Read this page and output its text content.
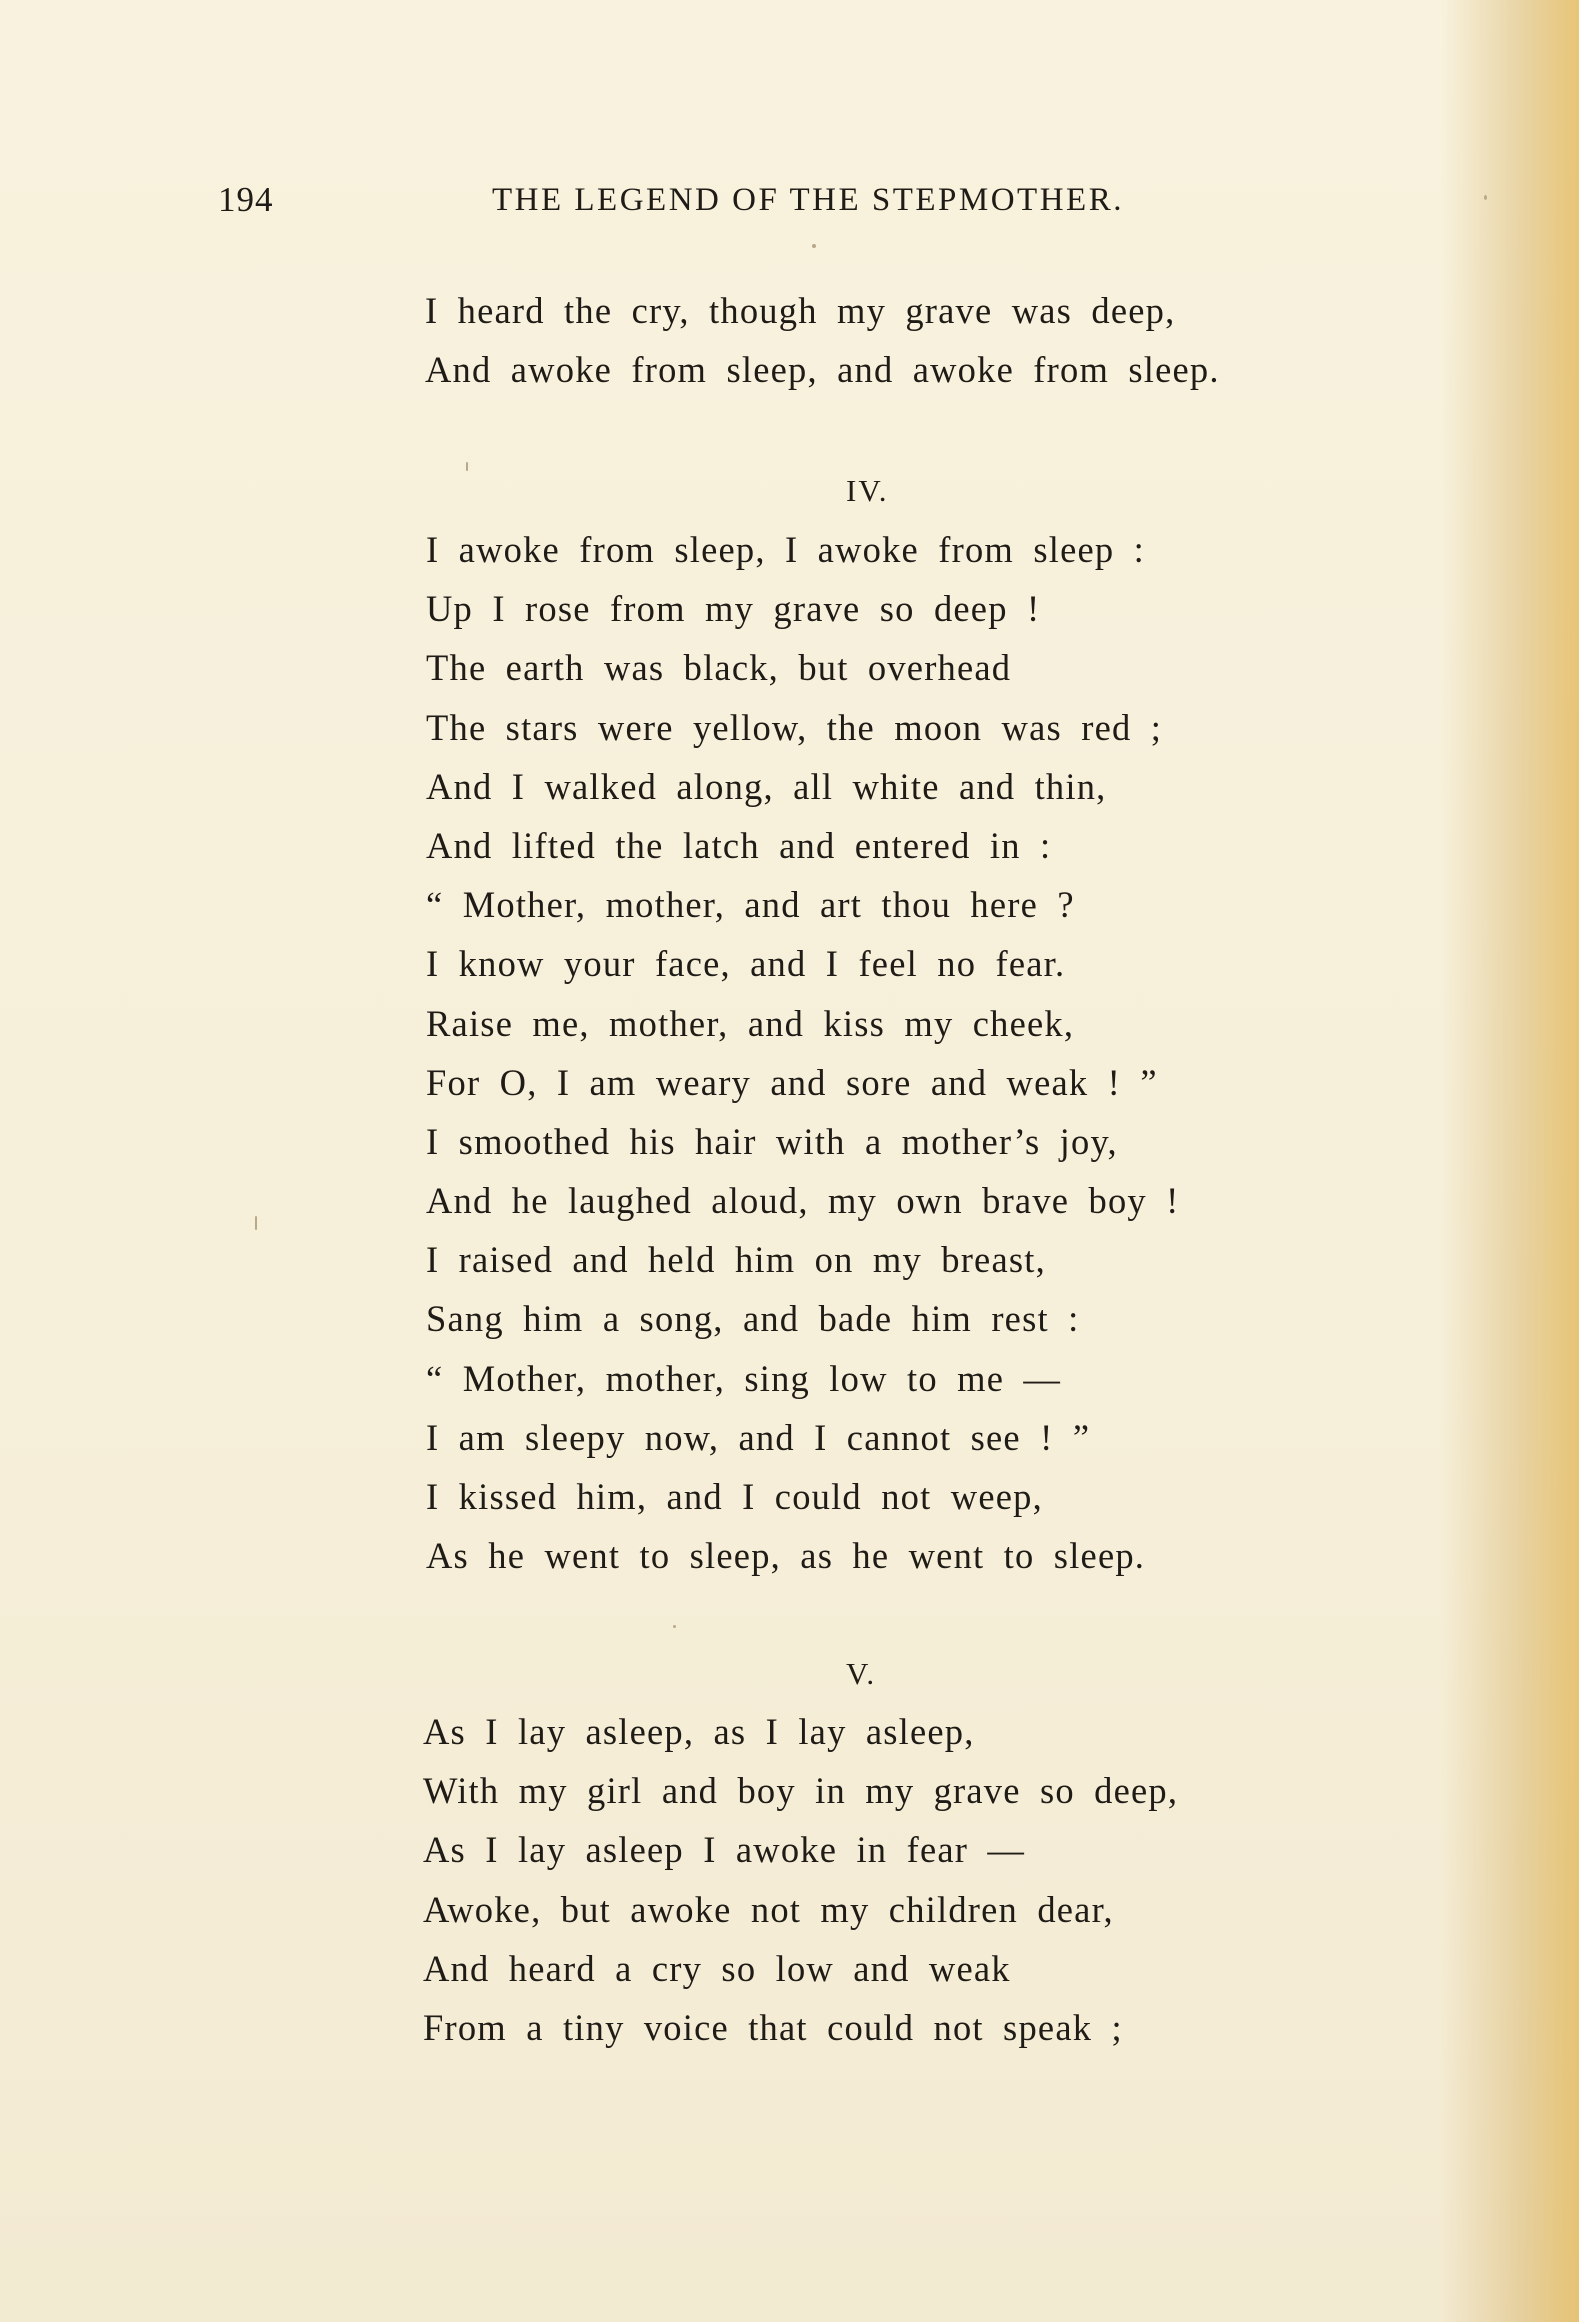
194	THE LEGEND OF THE STEPMOTHER.
I heard the cry, though my grave was deep,
And awoke from sleep, and awoke from sleep.
IV.
I awoke from sleep, I awoke from sleep :
Up I rose from my grave so deep !
The earth was black, but overhead
The stars were yellow, the moon was red ;
And I walked along, all white and thin,
And lifted the latch and entered in :
“ Mother, mother, and art thou here ?
I know your face, and I feel no fear.
Raise me, mother, and kiss my cheek,
For O, I am weary and sore and weak ! ”
I smoothed his hair with a mother’s joy,
And he laughed aloud, my own brave boy !
I raised and held him on my breast,
Sang him a song, and bade him rest :
“ Mother, mother, sing low to me —
I am sleepy now, and I cannot see ! ”
I kissed him, and I could not weep,
As he went to sleep, as he went to sleep.
V.
As I lay asleep, as I lay asleep,
With my girl and boy in my grave so deep,
As I lay asleep I awoke in fear —
Awoke, but awoke not my children dear,
And heard a cry so low and weak
From a tiny voice that could not speak ;
